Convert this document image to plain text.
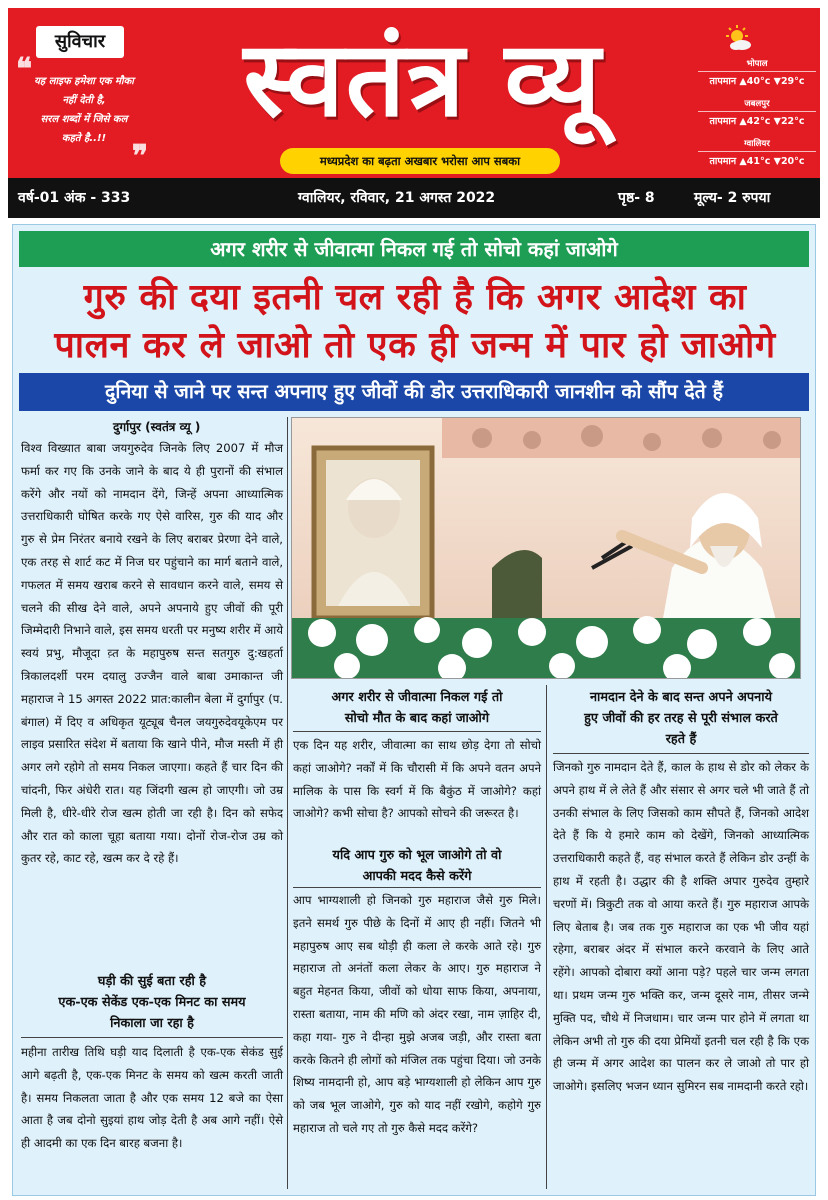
सुविचार
❝ यह लाइफ हमेशा एक मौका
नहीं देती है,
सरल शब्दों में जिसे कल
कहते है..!!
❞
स्वतंत्र व्यू
मध्यप्रदेश का बढ़ता अखबार भरोसा आप सबका
भोपाल
तापमान ▲40°c ▼29°c
जबलपुर
तापमान ▲42°c ▼22°c
ग्वालियर
तापमान ▲41°c ▼20°c
वर्ष-01 अंक - 333	ग्वालियर, रविवार, 21 अगस्त 2022	पृष्ठ- 8	मूल्य- 2 रुपया
अगर शरीर से जीवात्मा निकल गई तो सोचो कहां जाओगे
गुरु की दया इतनी चल रही है कि अगर आदेश का
पालन कर ले जाओ तो एक ही जन्म में पार हो जाओगे
दुनिया से जाने पर सन्त अपनाए हुए जीवों की डोर उत्तराधिकारी जानशीन को सौंप देते हैं
दुर्गापुर (स्वतंत्र व्यू )
विश्व विख्यात बाबा जयगुरुदेव जिनके लिए 2007 में मौज फर्मा कर गए कि उनके जाने के बाद ये ही पुरानों की संभाल करेंगे और नयों को नामदान देंगे, जिन्हें अपना आध्यात्मिक उत्तराधिकारी घोषित करके गए ऐसे वारिस, गुरु की याद और गुरु से प्रेम निरंतर बनाये रखने के लिए बराबर प्रेरणा देने वाले, एक तरह से शार्ट कट में निज घर पहुंचाने का मार्ग बताने वाले, गफलत में समय खराब करने से सावधान करने वाले, समय से चलने की सीख देने वाले, अपने अपनाये हुए जीवों की पूरी जिम्मेदारी निभाने वाले, इस समय धरती पर मनुष्य शरीर में आये स्वयं प्रभु, मौजूदा व़्त के महापुरुष सन्त सतगुरु दु:खहर्ता त्रिकालदर्शी परम दयालु उज्जैन वाले बाबा उमाकान्त जी महाराज ने 15 अगस्त 2022 प्रात:कालीन बेला में दुर्गापुर (प. बंगाल) में दिए व अधिकृत यूट्यूब चैनल जयगुरुदेवयूकेएम पर लाइव प्रसारित संदेश में बताया कि खाने पीने, मौज मस्ती में ही अगर लगे रहोगे तो समय निकल जाएगा। कहते हैं चार दिन की चांदनी, फिर अंधेरी रात। यह जिंदगी खत्म हो जाएगी। जो उम्र मिली है, धीरे-धीरे रोज खत्म होती जा रही है। दिन को सफेद और रात को काला चूहा बताया गया। दोनों रोज-रोज उम्र को कुतर रहे, काट रहे, खत्म कर दे रहे हैं।
घड़ी की सुई बता रही है
एक-एक सेकेंड एक-एक मिनट का समय
निकाला जा रहा है
महीना तारीख तिथि घड़ी याद दिलाती है एक-एक सेकंड सुई आगे बढ़ती है, एक-एक मिनट के समय को खत्म करती जाती है। समय निकलता जाता है और एक समय 12 बजे का ऐसा आता है जब दोनो सुइयां हाथ जोड़ देती है अब आगे नहीं। ऐसे ही आदमी का एक दिन बारह बजना है।
अगर शरीर से जीवात्मा निकल गई तो
सोचो मौत के बाद कहां जाओगे
एक दिन यह शरीर, जीवात्मा का साथ छोड़ देगा तो सोचो कहां जाओगे? नर्कों में कि चौरासी में कि अपने वतन अपने मालिक के पास कि स्वर्ग में कि बैकुंठ में जाओगे? कहां जाओगे? कभी सोचा है? आपको सोचने की जरूरत है।
यदि आप गुरु को भूल जाओगे तो वो
आपकी मदद कैसे करेंगे
आप भाग्यशाली हो जिनको गुरु महाराज जैसे गुरु मिले। इतने समर्थ गुरु पीछे के दिनों में आए ही नहीं। जितने भी महापुरुष आए सब थोड़ी ही कला ले करके आते रहे। गुरु महाराज तो अनंतों कला लेकर के आए। गुरु महाराज ने बहुत मेहनत किया, जीवों को धोया साफ किया, अपनाया, रास्ता बताया, नाम की मणि को अंदर रखा, नाम ज़ाहिर दी, कहा गया- गुरु ने दीन्हा मुझे अजब जड़ी, और रास्ता बता करके कितने ही लोगों को मंजिल तक पहुंचा दिया। जो उनके शिष्य नामदानी हो, आप बड़े भाग्यशाली हो लेकिन आप गुरु को जब भूल जाओगे, गुरु को याद नहीं रखोगे, कहोगे गुरु महाराज तो चले गए तो गुरु कैसे मदद करेंगे?
नामदान देने के बाद सन्त अपने अपनाये
हुए जीवों की हर तरह से पूरी संभाल करते
रहते हैं
जिनको गुरु नामदान देते हैं, काल के हाथ से डोर को लेकर के अपने हाथ में ले लेते हैं और संसार से अगर चले भी जाते हैं तो उनकी संभाल के लिए जिसको काम सौपते हैं, जिनको आदेश देते हैं कि ये हमारे काम को देखेंगे, जिनको आध्यात्मिक उत्तराधिकारी कहते हैं, वह संभाल करते हैं लेकिन डोर उन्हीं के हाथ में रहती है। उद्धार की है शक्ति अपार गुरुदेव तुम्हारे चरणों में। त्रिकुटी तक वो आया करते हैं। गुरु महाराज आपके लिए बेताब है। जब तक गुरु महाराज का एक भी जीव यहां रहेगा, बराबर अंदर में संभाल करने करवाने के लिए आते रहेंगे। आपको दोबारा क्यों आना पड़े? पहले चार जन्म लगता था। प्रथम जन्म गुरु भक्ति कर, जन्म दूसरे नाम, तीसर जन्मे मुक्ति पद, चौथे में निजधाम। चार जन्म पार होने में लगता था लेकिन अभी तो गुरु की दया प्रेमियों इतनी चल रही है कि एक ही जन्म में अगर आदेश का पालन कर ले जाओ तो पार हो जाओगे। इसलिए भजन ध्यान सुमिरन सब नामदानी करते रहो।
